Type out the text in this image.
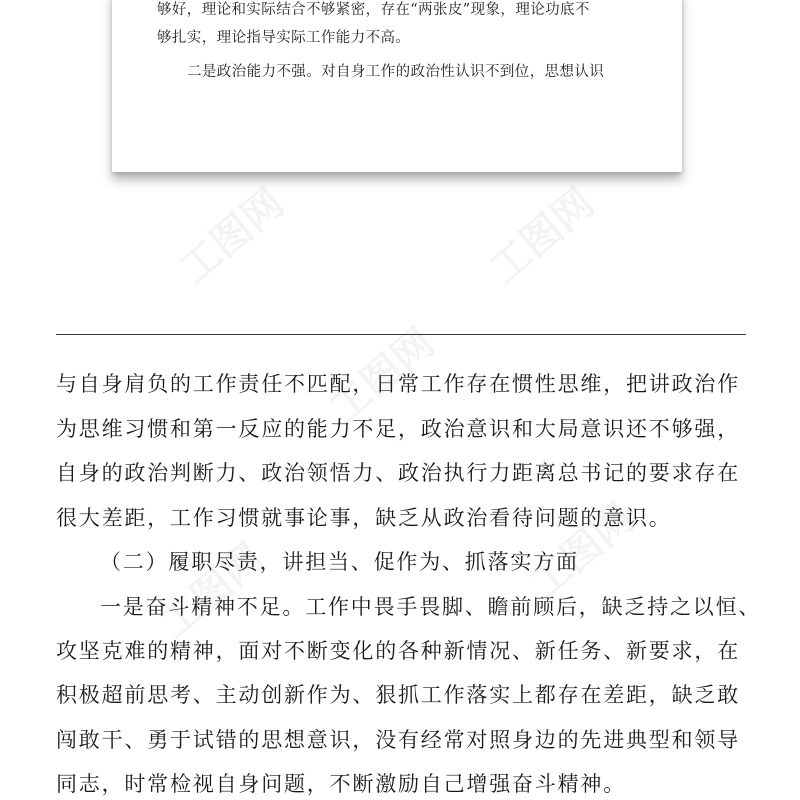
够好，理论和实际结合不够紧密，存在“两张皮”现象，理论功底不
够扎实，理论指导实际工作能力不高。
二是政治能力不强。对自身工作的政治性认识不到位，思想认识
工图网	工图网
工图网
工图网	工图网
与自身肩负的工作责任不匹配，日常工作存在惯性思维，把讲政治作
为思维习惯和第一反应的能力不足，政治意识和大局意识还不够强，
自身的政治判断力、政治领悟力、政治执行力距离总书记的要求存在
很大差距，工作习惯就事论事，缺乏从政治看待问题的意识。
（二）履职尽责，讲担当、促作为、抓落实方面
一是奋斗精神不足。工作中畏手畏脚、瞻前顾后，缺乏持之以恒、
攻坚克难的精神，面对不断变化的各种新情况、新任务、新要求，在
积极超前思考、主动创新作为、狠抓工作落实上都存在差距，缺乏敢
闯敢干、勇于试错的思想意识，没有经常对照身边的先进典型和领导
同志，时常检视自身问题，不断激励自己增强奋斗精神。
